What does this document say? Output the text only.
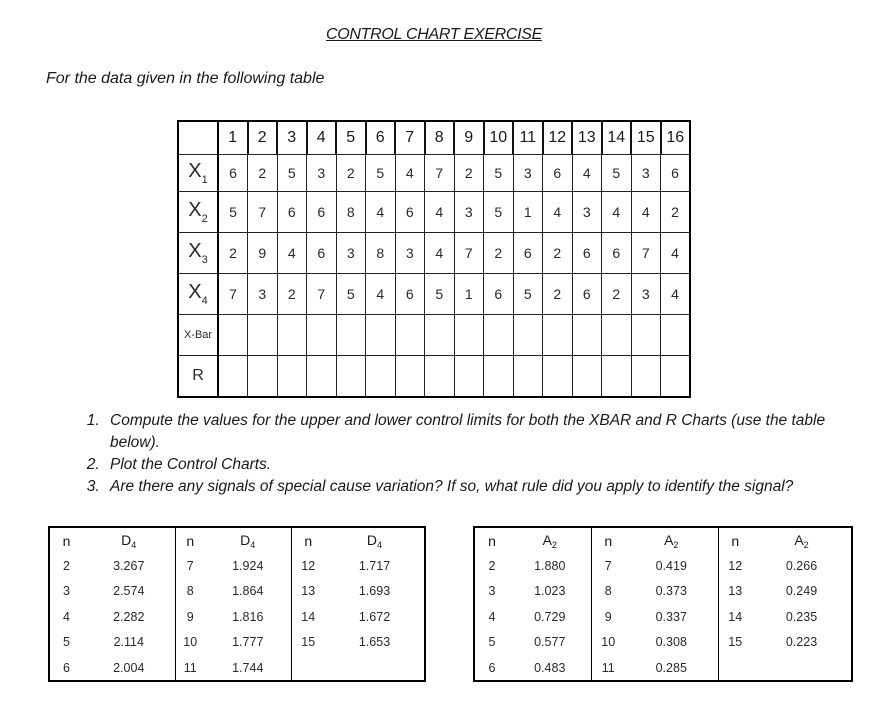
CONTROL CHART EXERCISE
For the data given in the following table
	1	2	3	4	5	6	7	8	9	10	11	12	13	14	15	16
$X_1$	6	2	5	3	2	5	4	7	2	5	3	6	4	5	3	6
$X_2$	5	7	6	6	8	4	6	4	3	5	1	4	3	4	4	2
$X_3$	2	9	4	6	3	8	3	4	7	2	6	2	6	6	7	4
$X_4$	7	3	2	7	5	4	6	5	1	6	5	2	6	2	3	4
X-Bar																
R																
1. Compute the values for the upper and lower control limits for both the XBAR and R Charts (use the table below).
2. Plot the Control Charts.
3. Are there any signals of special cause variation? If so, what rule did you apply to identify the signal?
n	$D_4$	n	$D_4$	n	$D_4$
2	3.267	7	1.924	12	1.717
3	2.574	8	1.864	13	1.693
4	2.282	9	1.816	14	1.672
5	2.114	10	1.777	15	1.653
6	2.004	11	1.744		
n	$A_2$	n	$A_2$	n	$A_2$
2	1.880	7	0.419	12	0.266
3	1.023	8	0.373	13	0.249
4	0.729	9	0.337	14	0.235
5	0.577	10	0.308	15	0.223
6	0.483	11	0.285		
